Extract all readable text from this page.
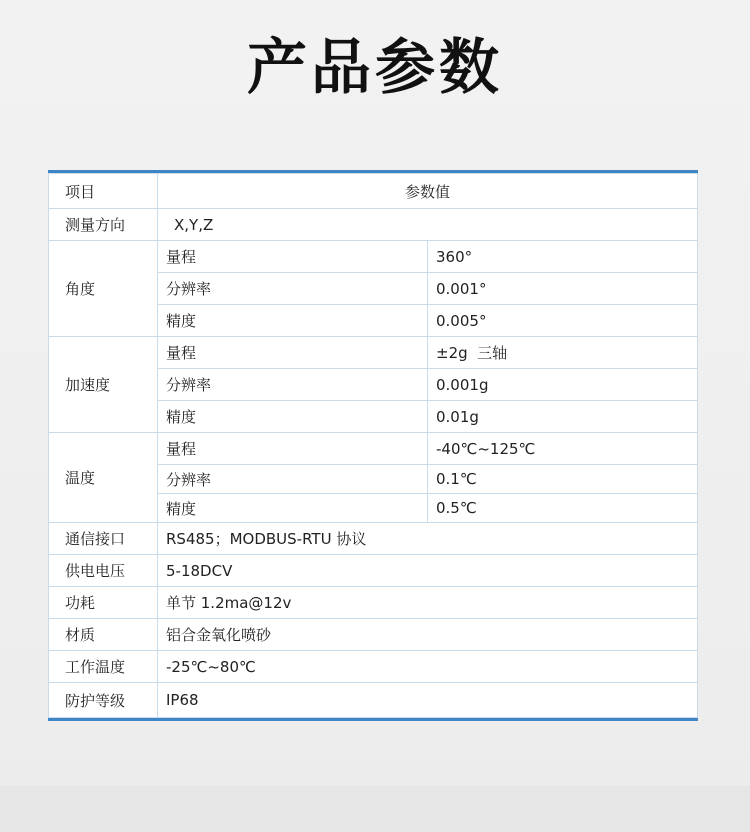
产品参数
项目	参数值	
测量方向	X,Y,Z	
角度	量程	360°
	分辨率	0.001°
	精度	0.005°
加速度	量程	±2g  三轴
	分辨率	0.001g
	精度	0.01g
温度	量程	-40℃~125℃
	分辨率	0.1℃
	精度	0.5℃
通信接口	RS485；MODBUS-RTU 协议	
供电电压	5-18DCV	
功耗	单节 1.2ma@12v	
材质	铝合金氧化喷砂	
工作温度	-25℃~80℃	
防护等级	IP68	
